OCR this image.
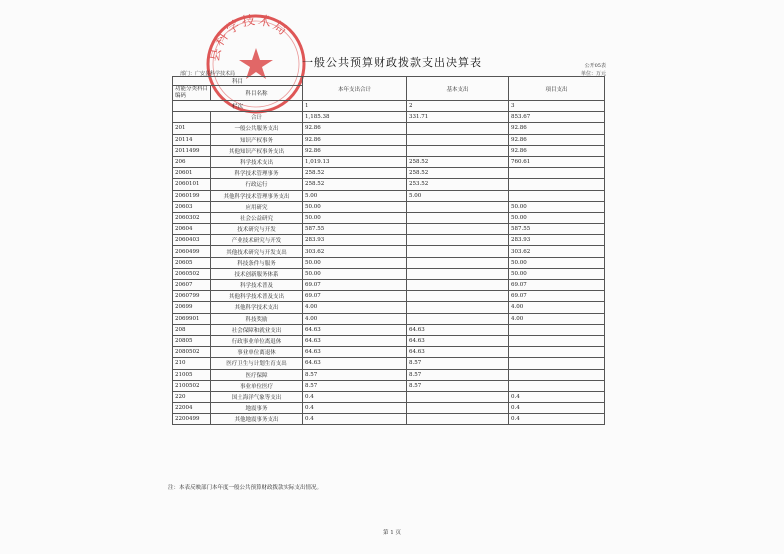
县科学技术局
一般公共预算财政拨款支出决算表
部门：广安县科学技术局
公开05表
单位：万元
科目		本年支出合计	基本支出	项目支出
功能分类科目编码	科目名称			
栏次		1	2	3
	合计	1,185.38	331.71	853.67
201	一般公共服务支出	92.86		92.86
20114	知识产权事务	92.86		92.86
2011499	其他知识产权事务支出	92.86		92.86
206	科学技术支出	1,019.13	258.52	760.61
20601	科学技术管理事务	258.52	258.52	
2060101	行政运行	258.52	253.52	
2060199	其他科学技术管理事务支出	5.00	5.00	
20603	应用研究	50.00		50.00
2060302	社会公益研究	50.00		50.00
20604	技术研究与开发	587.55		587.55
2060403	产业技术研究与开发	283.93		283.93
2060499	其他技术研究与开发支出	303.62		303.62
20605	科技条件与服务	50.00		50.00
2060502	技术创新服务体系	50.00		50.00
20607	科学技术普及	69.07		69.07
2060799	其他科学技术普及支出	69.07		69.07
20699	其他科学技术支出	4.00		4.00
2069901	科技奖励	4.00		4.00
208	社会保障和就业支出	64.63	64.63	
20805	行政事业单位离退休	64.63	64.63	
2080502	事业单位离退休	64.63	64.63	
210	医疗卫生与计划生育支出	64.63	8.57	
21005	医疗保障	8.57	8.57	
2100502	事业单位医疗	8.57	8.57	
220	国土海洋气象等支出	0.4		0.4
22004	地震事务	0.4		0.4
2200499	其他地震事务支出	0.4		0.4
注：本表反映部门本年度一般公共预算财政拨款实际支出情况。
第 1 页
